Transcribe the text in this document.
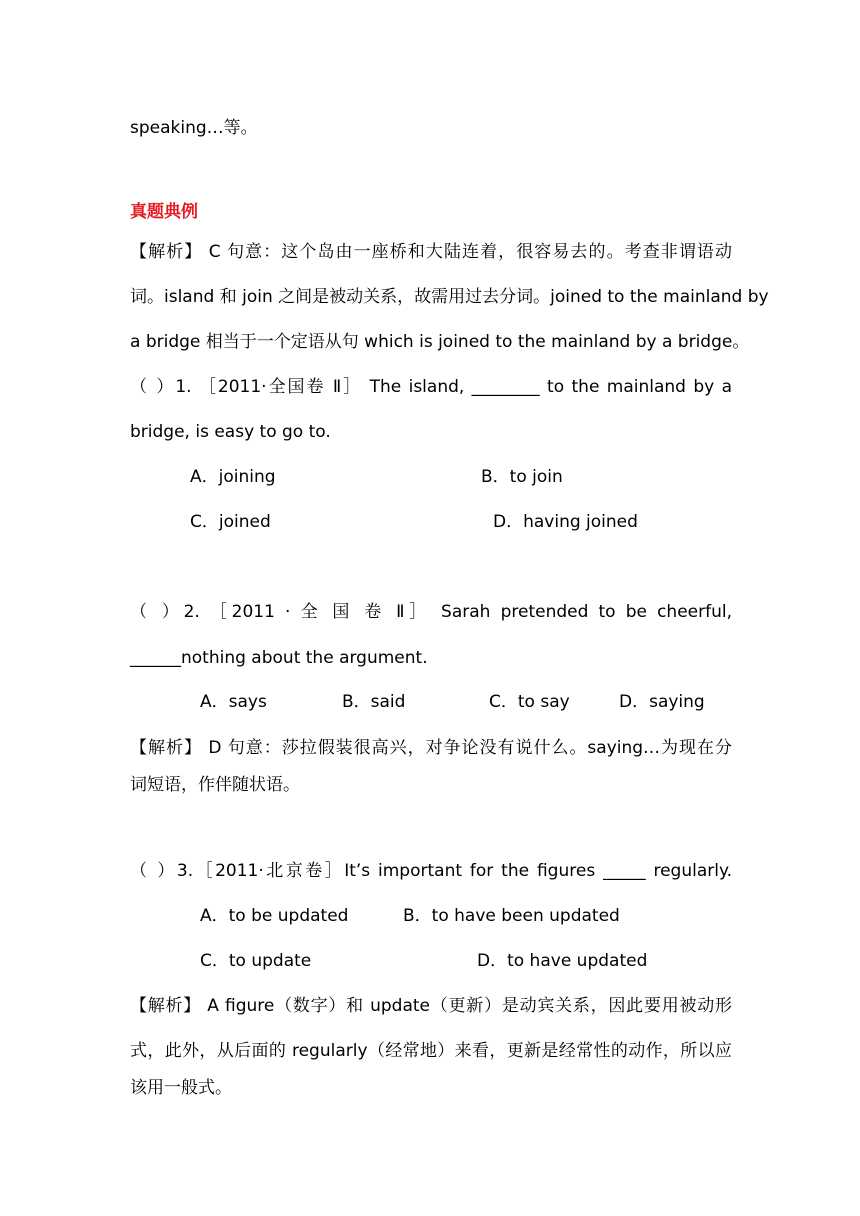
speaking…等。
真题典例
【解析】 C 句意：这个岛由一座桥和大陆连着，很容易去的。考查非谓语动
词。island 和 join 之间是被动关系，故需用过去分词。joined to the mainland by
a bridge 相当于一个定语从句 which is joined to the mainland by a bridge。
（ ）1. ［2011·全国卷 Ⅱ］ The island, ________ to the mainland by a
bridge, is easy to go to.
A．joining	B．to join
C．joined	D．having joined
（ ）2. ［2011 · 全 国 卷 Ⅱ］ Sarah pretended to be cheerful,
______nothing about the argument.
A．says	B．said	C．to say	D．saying
【解析】 D 句意：莎拉假装很高兴，对争论没有说什么。saying…为现在分
词短语，作伴随状语。
（ ）3.［2011·北京卷］It’s important for the figures _____ regularly.
A．to be updated	B．to have been updated
C．to update	D．to have updated
【解析】 A figure（数字）和 update（更新）是动宾关系，因此要用被动形
式，此外，从后面的 regularly（经常地）来看，更新是经常性的动作，所以应
该用一般式。
